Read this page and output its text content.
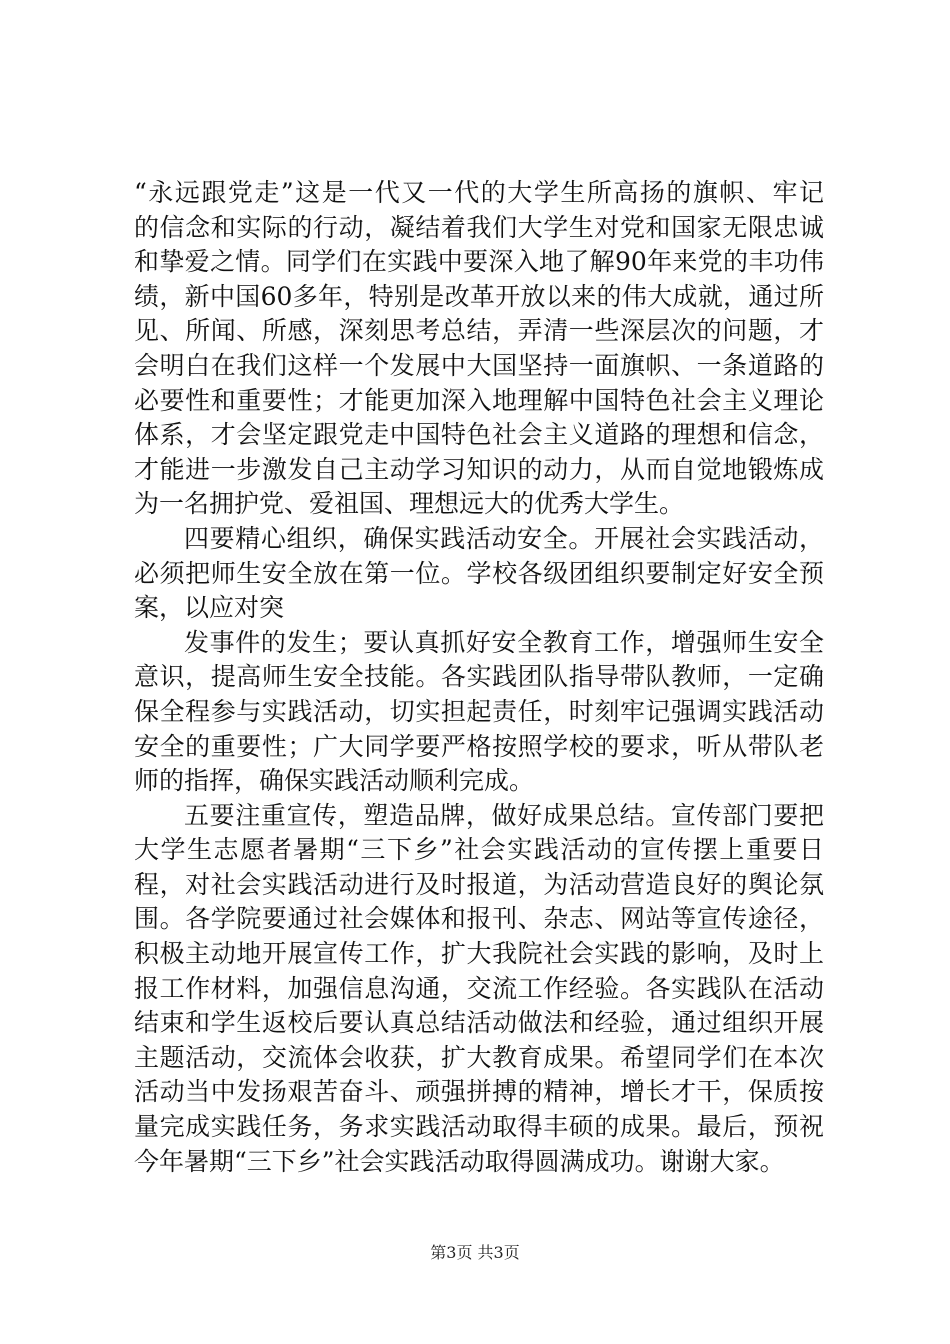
“永远跟党走”这是一代又一代的大学生所高扬的旗帜、牢记
的信念和实际的行动，凝结着我们大学生对党和国家无限忠诚
和挚爱之情。同学们在实践中要深入地了解90年来党的丰功伟
绩，新中国60多年，特别是改革开放以来的伟大成就，通过所
见、所闻、所感，深刻思考总结，弄清一些深层次的问题，才
会明白在我们这样一个发展中大国坚持一面旗帜、一条道路的
必要性和重要性；才能更加深入地理解中国特色社会主义理论
体系，才会坚定跟党走中国特色社会主义道路的理想和信念，
才能进一步激发自己主动学习知识的动力，从而自觉地锻炼成
为一名拥护党、爱祖国、理想远大的优秀大学生。
四要精心组织，确保实践活动安全。开展社会实践活动，
必须把师生安全放在第一位。学校各级团组织要制定好安全预
案，以应对突
发事件的发生；要认真抓好安全教育工作，增强师生安全
意识，提高师生安全技能。各实践团队指导带队教师，一定确
保全程参与实践活动，切实担起责任，时刻牢记强调实践活动
安全的重要性；广大同学要严格按照学校的要求，听从带队老
师的指挥，确保实践活动顺利完成。
五要注重宣传，塑造品牌，做好成果总结。宣传部门要把
大学生志愿者暑期“三下乡”社会实践活动的宣传摆上重要日
程，对社会实践活动进行及时报道，为活动营造良好的舆论氛
围。各学院要通过社会媒体和报刊、杂志、网站等宣传途径，
积极主动地开展宣传工作，扩大我院社会实践的影响，及时上
报工作材料，加强信息沟通，交流工作经验。各实践队在活动
结束和学生返校后要认真总结活动做法和经验，通过组织开展
主题活动，交流体会收获，扩大教育成果。希望同学们在本次
活动当中发扬艰苦奋斗、顽强拼搏的精神，增长才干，保质按
量完成实践任务，务求实践活动取得丰硕的成果。最后，预祝
今年暑期“三下乡”社会实践活动取得圆满成功。谢谢大家。
第3页 共3页
